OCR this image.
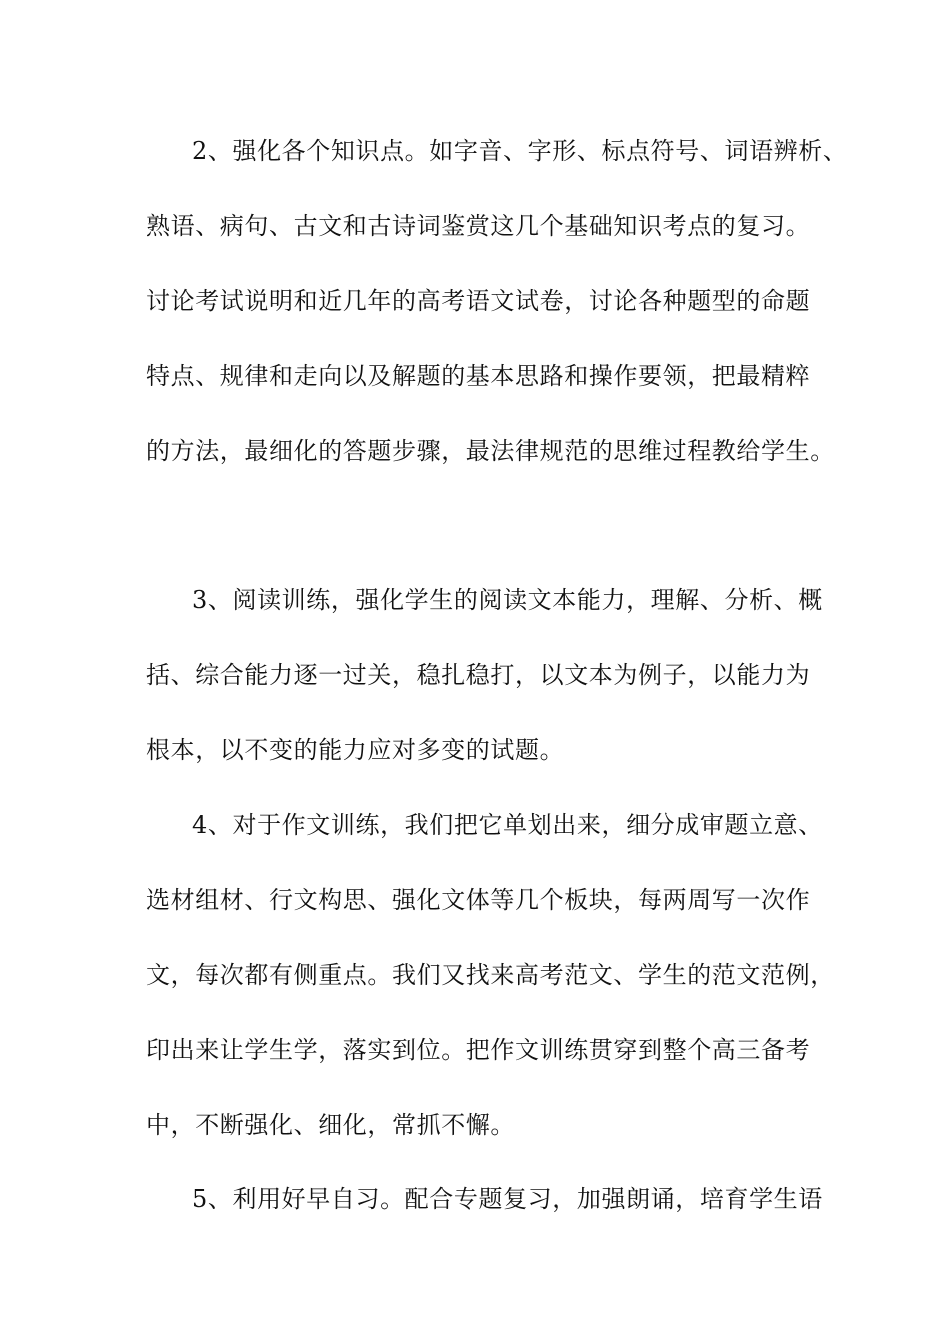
2、强化各个知识点。如字音、字形、标点符号、词语辨析、
熟语、病句、古文和古诗词鉴赏这几个基础知识考点的复习。
讨论考试说明和近几年的高考语文试卷，讨论各种题型的命题
特点、规律和走向以及解题的基本思路和操作要领，把最精粹
的方法，最细化的答题步骤，最法律规范的思维过程教给学生。
3、阅读训练，强化学生的阅读文本能力，理解、分析、概
括、综合能力逐一过关，稳扎稳打，以文本为例子，以能力为
根本，以不变的能力应对多变的试题。
4、对于作文训练，我们把它单划出来，细分成审题立意、
选材组材、行文构思、强化文体等几个板块，每两周写一次作
文，每次都有侧重点。我们又找来高考范文、学生的范文范例，
印出来让学生学，落实到位。把作文训练贯穿到整个高三备考
中，不断强化、细化，常抓不懈。
5、利用好早自习。配合专题复习，加强朗诵，培育学生语
